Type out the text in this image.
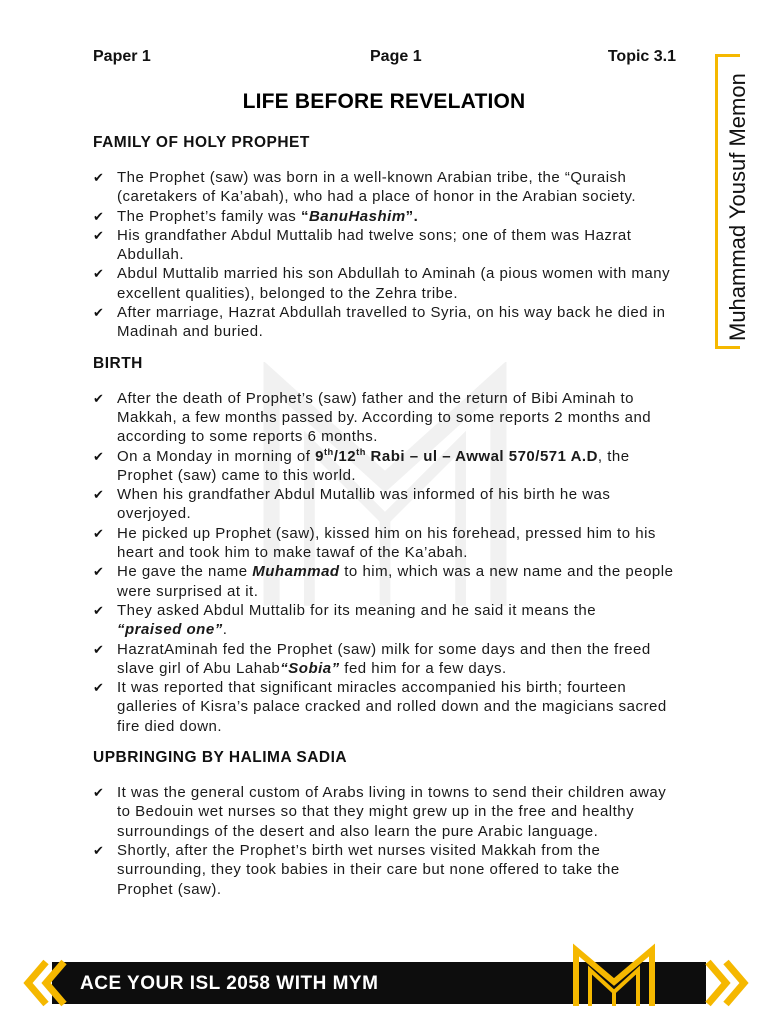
Paper 1	Page 1	Topic 3.1
Muhammad Yousuf Memon
LIFE BEFORE REVELATION
FAMILY OF HOLY PROPHET
✔
The Prophet (saw) was born in a well-known Arabian tribe, the “Quraish (caretakers of Ka’abah), who had a place of honor in the Arabian society.
✔
The Prophet’s family was “BanuHashim”.
✔
His grandfather Abdul Muttalib had twelve sons; one of them was Hazrat Abdullah.
✔
Abdul Muttalib married his son Abdullah to Aminah (a pious women with many excellent qualities), belonged to the Zehra tribe.
✔
After marriage, Hazrat Abdullah travelled to Syria, on his way back he died in Madinah and buried.
BIRTH
✔
After the death of Prophet’s (saw) father and the return of Bibi Aminah to Makkah, a few months passed by. According to some reports 2 months and according to some reports 6 months.
✔
On a Monday in morning of 9th/12th Rabi – ul – Awwal 570/571 A.D, the Prophet (saw) came to this world.
✔
When his grandfather Abdul Mutallib was informed of his birth he was overjoyed.
✔
He picked up Prophet (saw), kissed him on his forehead, pressed him to his heart and took him to make tawaf of the Ka’abah.
✔
He gave the name Muhammad to him, which was a new name and the people were surprised at it.
✔
They asked Abdul Muttalib for its meaning and he said it means the “praised one”.
✔
HazratAminah fed the Prophet (saw) milk for some days and then the freed slave girl of Abu Lahab“Sobia” fed him for a few days.
✔
It was reported that significant miracles accompanied his birth; fourteen galleries of Kisra’s palace cracked and rolled down and the magicians sacred fire died down.
UPBRINGING BY HALIMA SADIA
✔
It was the general custom of Arabs living in towns to send their children away to Bedouin wet nurses so that they might grew up in the free and healthy surroundings of the desert and also learn the pure Arabic language.
✔
Shortly, after the Prophet’s birth wet nurses visited Makkah from the surrounding, they took babies in their care but none offered to take the Prophet (saw).
ACE YOUR ISL 2058 WITH MYM
